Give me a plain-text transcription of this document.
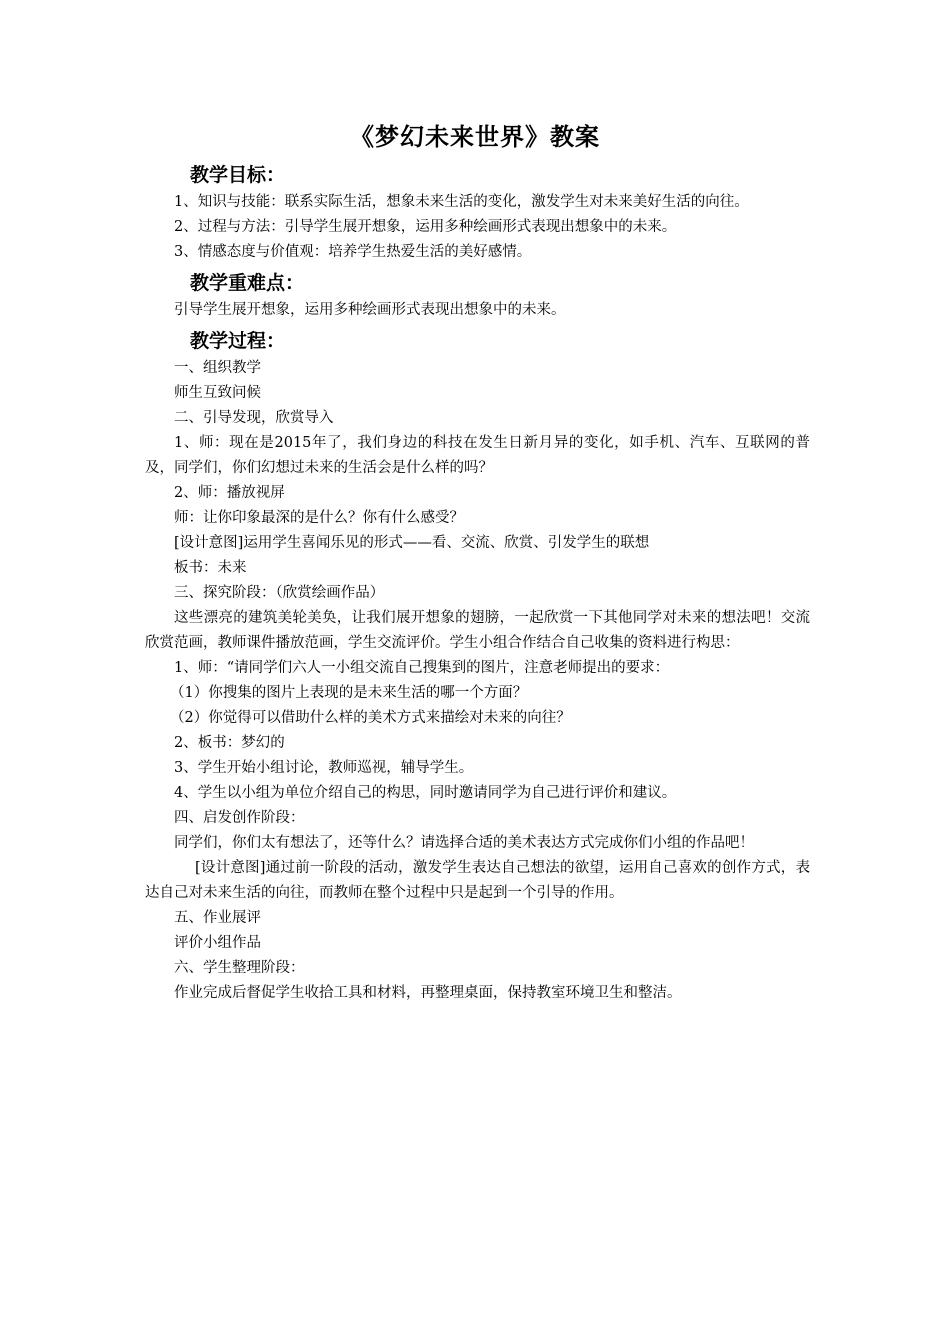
《梦幻未来世界》教案
教学目标：

1、知识与技能：联系实际生活，想象未来生活的变化，激发学生对未来美好生活的向往。

2、过程与方法：引导学生展开想象，运用多种绘画形式表现出想象中的未来。

3、情感态度与价值观：培养学生热爱生活的美好感情。

教学重难点：

引导学生展开想象，运用多种绘画形式表现出想象中的未来。

教学过程：

一、组织教学

师生互致问候

二、引导发现，欣赏导入

1、师：现在是2015年了，我们身边的科技在发生日新月异的变化，如手机、汽车、互联网的普及，同学们，你们幻想过未来的生活会是什么样的吗？

2、师：播放视屏

师：让你印象最深的是什么？你有什么感受？

[设计意图]运用学生喜闻乐见的形式——看、交流、欣赏、引发学生的联想

板书：未来

三、探究阶段：（欣赏绘画作品）

这些漂亮的建筑美轮美奂，让我们展开想象的翅膀，一起欣赏一下其他同学对未来的想法吧！交流欣赏范画，教师课件播放范画，学生交流评价。学生小组合作结合自己收集的资料进行构思：

1、师：“请同学们六人一小组交流自己搜集到的图片，注意老师提出的要求：

（1）你搜集的图片上表现的是未来生活的哪一个方面？

（2）你觉得可以借助什么样的美术方式来描绘对未来的向往？

2、板书：梦幻的

3、学生开始小组讨论，教师巡视，辅导学生。

4、学生以小组为单位介绍自己的构思，同时邀请同学为自己进行评价和建议。

四、启发创作阶段：

同学们，你们太有想法了，还等什么？请选择合适的美术表达方式完成你们小组的作品吧！

[设计意图]通过前一阶段的活动，激发学生表达自己想法的欲望，运用自己喜欢的创作方式，表达自己对未来生活的向往，而教师在整个过程中只是起到一个引导的作用。

五、作业展评

评价小组作品

六、学生整理阶段：

作业完成后督促学生收拾工具和材料，再整理桌面，保持教室环境卫生和整洁。
